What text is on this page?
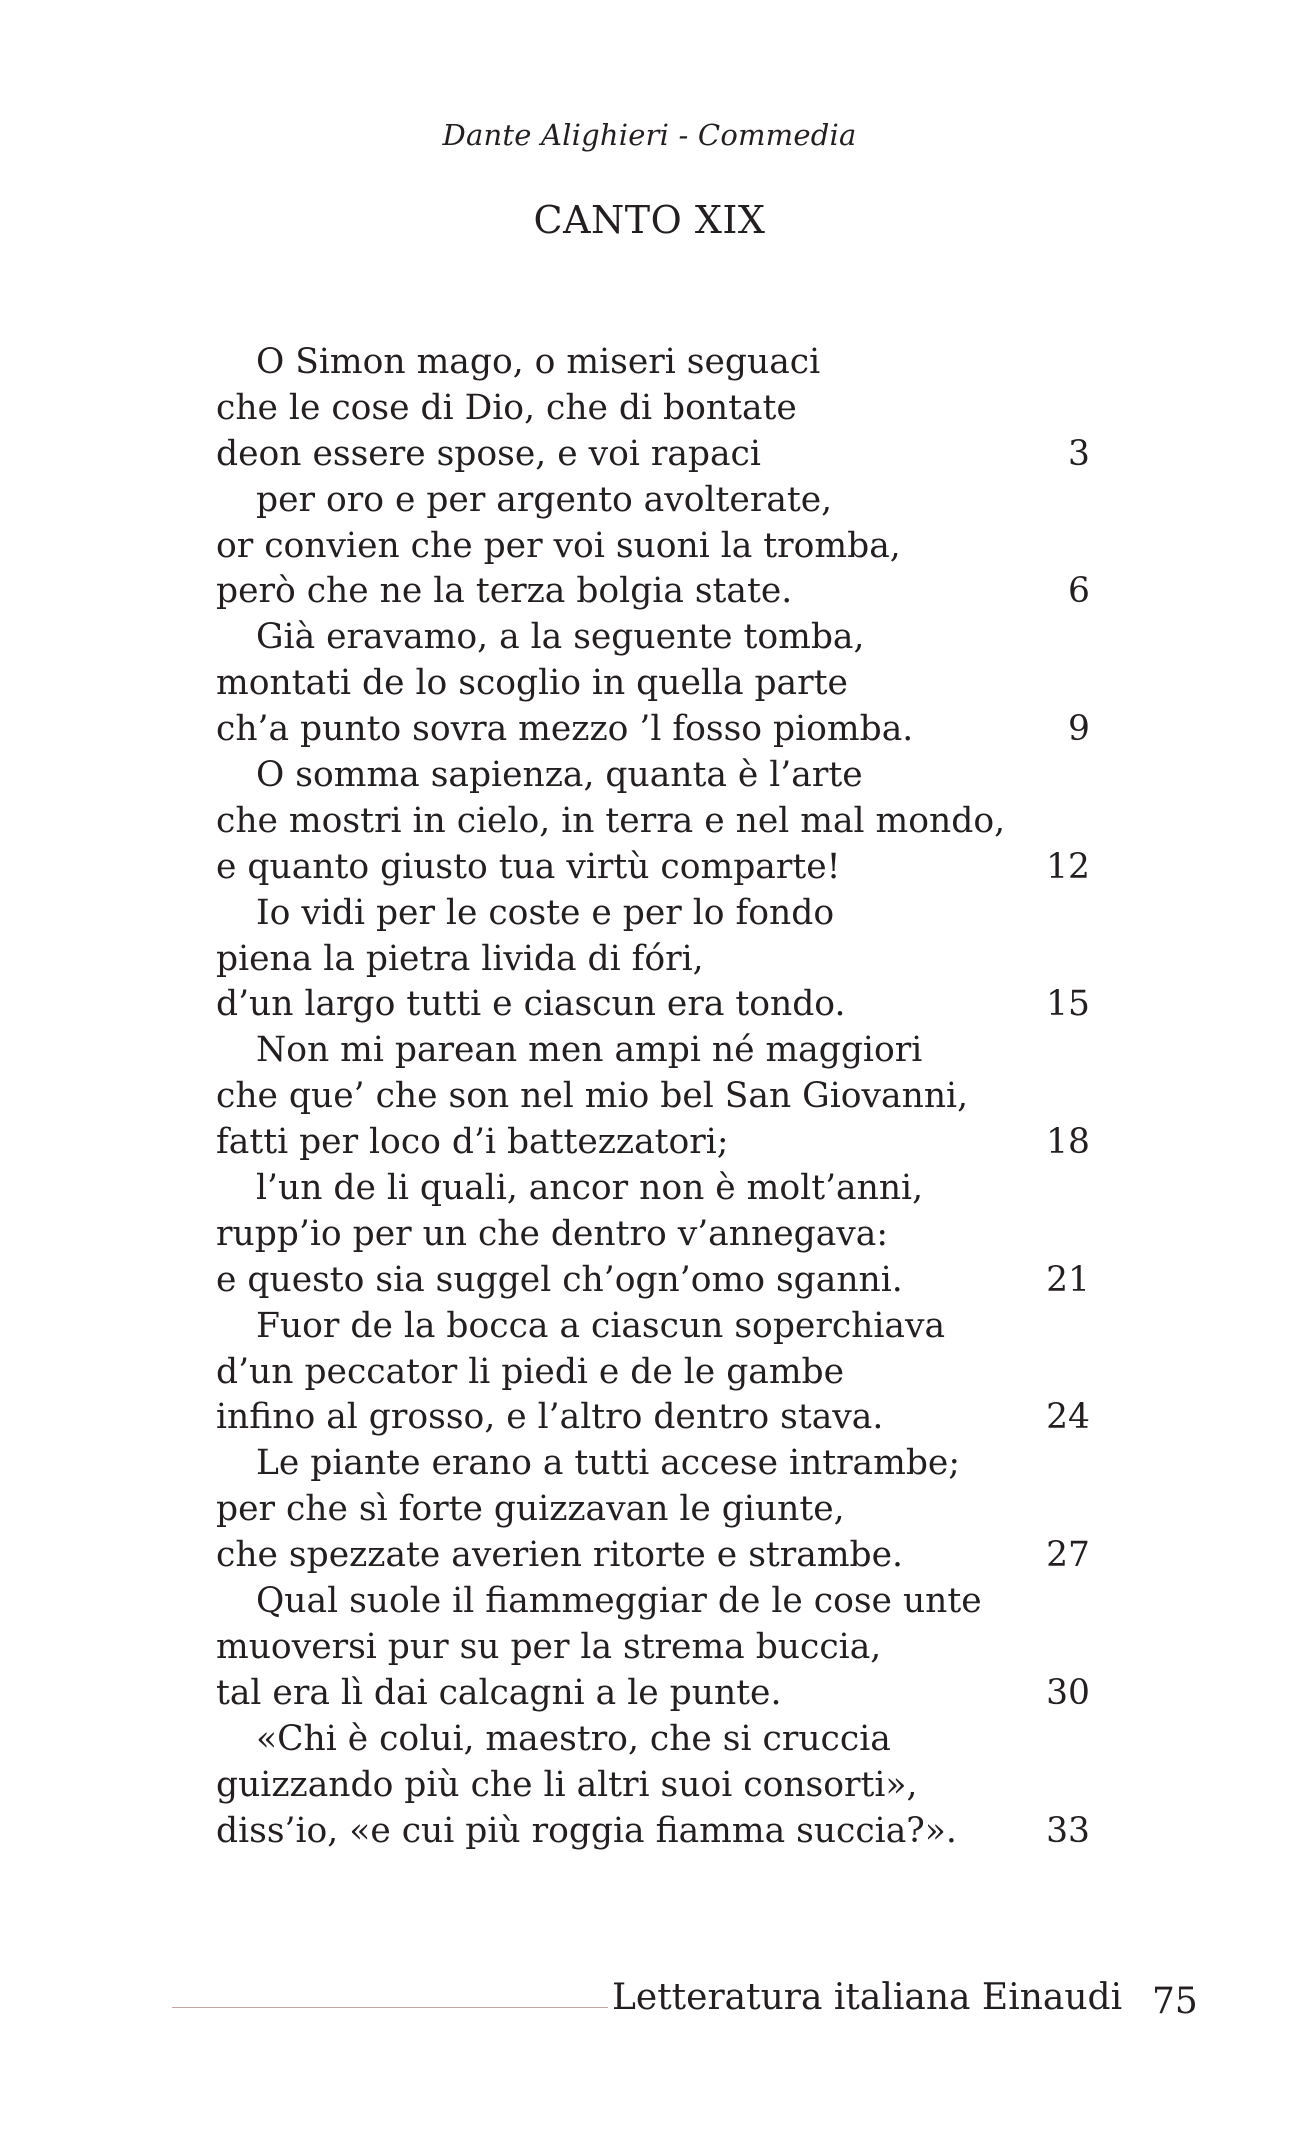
Dante Alighieri - Commedia
CANTO XIX
O Simon mago, o miseri seguaci
che le cose di Dio, che di bontate
deon essere spose, e voi rapaci	3
per oro e per argento avolterate,
or convien che per voi suoni la tromba,
però che ne la terza bolgia state.	6
Già eravamo, a la seguente tomba,
montati de lo scoglio in quella parte
ch’a punto sovra mezzo ’l fosso piomba.	9
O somma sapienza, quanta è l’arte
che mostri in cielo, in terra e nel mal mondo,
e quanto giusto tua virtù comparte!	12
Io vidi per le coste e per lo fondo
piena la pietra livida di fóri,
d’un largo tutti e ciascun era tondo.	15
Non mi parean men ampi né maggiori
che que’ che son nel mio bel San Giovanni,
fatti per loco d’i battezzatori;	18
l’un de li quali, ancor non è molt’anni,
rupp’io per un che dentro v’annegava:
e questo sia suggel ch’ogn’omo sganni.	21
Fuor de la bocca a ciascun soperchiava
d’un peccator li piedi e de le gambe
infino al grosso, e l’altro dentro stava.	24
Le piante erano a tutti accese intrambe;
per che sì forte guizzavan le giunte,
che spezzate averien ritorte e strambe.	27
Qual suole il fiammeggiar de le cose unte
muoversi pur su per la strema buccia,
tal era lì dai calcagni a le punte.	30
«Chi è colui, maestro, che si cruccia
guizzando più che li altri suoi consorti»,
diss’io, «e cui più roggia fiamma succia?».	33
Letteratura italiana Einaudi 75
